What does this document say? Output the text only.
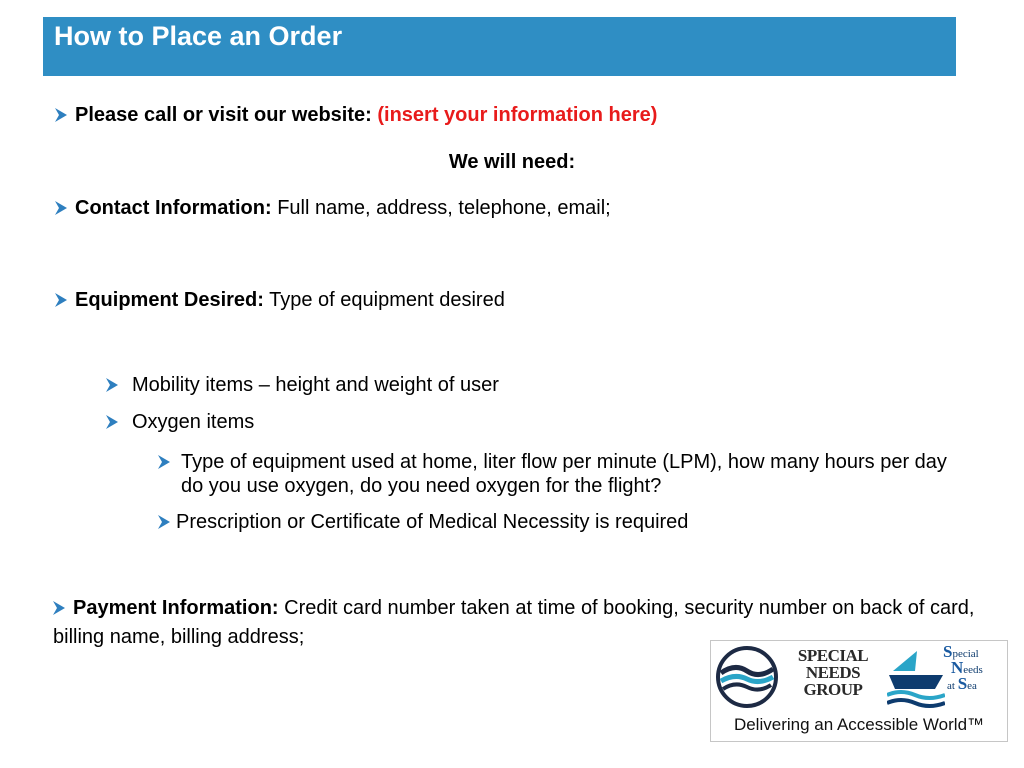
How to Place an Order
Please call or visit our website: (insert your information here)
We will need:
Contact Information: Full name, address, telephone, email;
Equipment Desired: Type of equipment desired
Mobility items – height and weight of user
Oxygen items
Type of equipment used at home, liter flow per minute (LPM), how many hours per day do you use oxygen, do you need oxygen for the flight?
Prescription or Certificate of Medical Necessity is required
Payment Information: Credit card number taken at time of booking, security number on back of card, billing name, billing address;
SPECIAL
NEEDS
GROUP
Special
Needs
at Sea
Delivering an Accessible World™
